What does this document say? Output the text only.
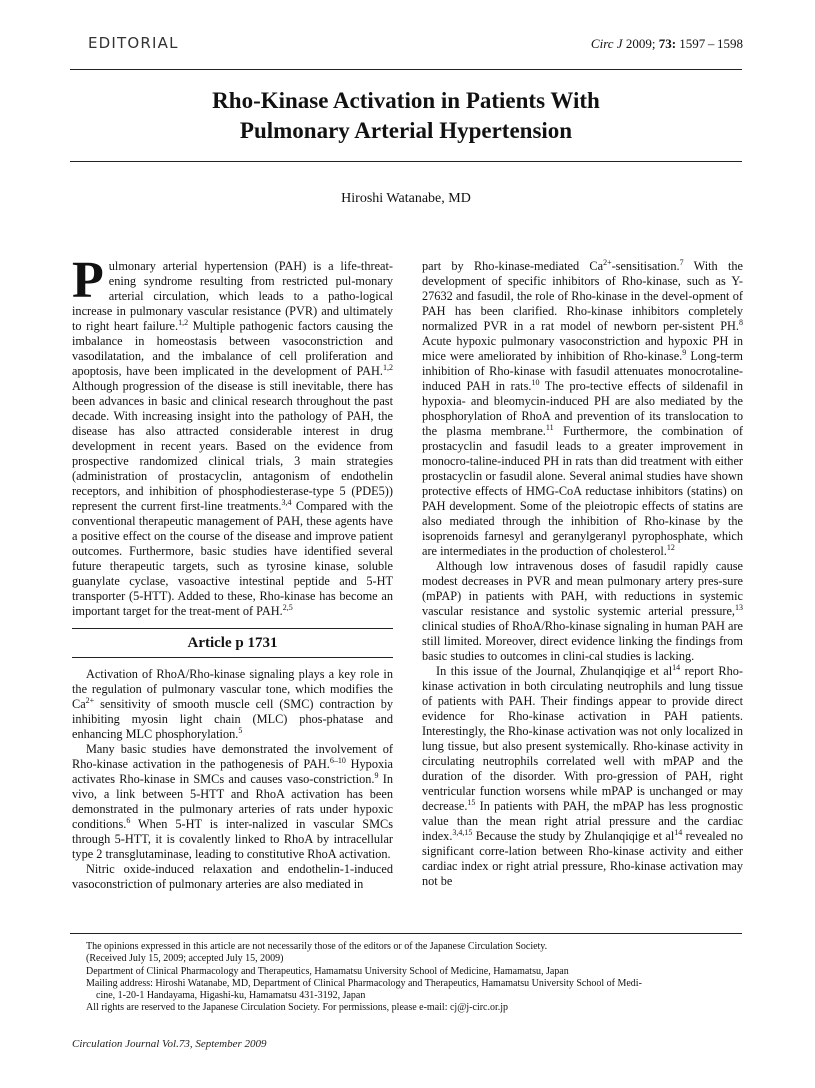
EDITORIAL	Circ J 2009; 73: 1597 – 1598
Rho-Kinase Activation in Patients With
Pulmonary Arterial Hypertension
Hiroshi Watanabe, MD

Pulmonary arterial hypertension (PAH) is a life-threat-ening syndrome resulting from restricted pul-monary arterial circulation, which leads to a patho-logical increase in pulmonary vascular resistance (PVR) and ultimately to right heart failure.$^{1,2}$ Multiple pathogenic factors causing the imbalance in homeostasis between vasoconstriction and vasodilatation, and the imbalance of cell proliferation and apoptosis, have been implicated in the development of PAH.$^{1,2}$ Although progression of the disease is still inevitable, there has been advances in basic and clinical research throughout the past decade. With increasing insight into the pathology of PAH, the disease has also attracted considerable interest in drug development in recent years. Based on the evidence from prospective randomized clinical trials, 3 main strategies (administration of prostacyclin, antagonism of endothelin receptors, and inhibition of phosphodiesterase-type 5 (PDE5)) represent the current first-line treatments.$^{3,4}$ Compared with the conventional therapeutic management of PAH, these agents have a positive effect on the course of the disease and improve patient outcomes. Furthermore, basic studies have identified several future therapeutic targets, such as tyrosine kinase, soluble guanylate cyclase, vasoactive intestinal peptide and 5-HT transporter (5-HTT). Added to these, Rho-kinase has become an important target for the treat-ment of PAH.$^{2,5}$

Article p 1731

Activation of RhoA/Rho-kinase signaling plays a key role in the regulation of pulmonary vascular tone, which modifies the $Ca^{2+}$ sensitivity of smooth muscle cell (SMC) contraction by inhibiting myosin light chain (MLC) phos-phatase and enhancing MLC phosphorylation.$^5$

Many basic studies have demonstrated the involvement of Rho-kinase activation in the pathogenesis of PAH.$^{6-10}$ Hypoxia activates Rho-kinase in SMCs and causes vaso-constriction.$^9$ In vivo, a link between 5-HTT and RhoA activation has been demonstrated in the pulmonary arteries of rats under hypoxic conditions.$^6$ When 5-HT is inter-nalized in vascular SMCs through 5-HTT, it is covalently linked to RhoA by intracellular type 2 transglutaminase, leading to constitutive RhoA activation.

Nitric oxide-induced relaxation and endothelin-1-induced vasoconstriction of pulmonary arteries are also mediated in

part by Rho-kinase-mediated $Ca^{2+}-sensitisation.^7$ With the development of specific inhibitors of Rho-kinase, such as Y-27632 and fasudil, the role of Rho-kinase in the devel-opment of PAH has been clarified. Rho-kinase inhibitors completely normalized PVR in a rat model of newborn per-sistent PH.$^8$ Acute hypoxic pulmonary vasoconstriction and hypoxic PH in mice were ameliorated by inhibition of Rho-kinase.$^9$ Long-term inhibition of Rho-kinase with fasudil attenuates monocrotaline-induced PAH in rats.$^{10}$ The pro-tective effects of sildenafil in hypoxia- and bleomycin-induced PH are also mediated by the phosphorylation of RhoA and prevention of its translocation to the plasma membrane.$^{11}$ Furthermore, the combination of prostacyclin and fasudil leads to a greater improvement in monocro-taline-induced PH in rats than did treatment with either prostacyclin or fasudil alone. Several animal studies have shown protective effects of HMG-CoA reductase inhibitors (statins) on PAH development. Some of the pleiotropic effects of statins are also mediated through the inhibition of Rho-kinase by the isoprenoids farnesyl and geranylgeranyl pyrophosphate, which are intermediates in the production of cholesterol.$^{12}$

Although low intravenous doses of fasudil rapidly cause modest decreases in PVR and mean pulmonary artery pres-sure (mPAP) in patients with PAH, with reductions in systemic vascular resistance and systolic systemic arterial pressure,$^{13}$ clinical studies of RhoA/Rho-kinase signaling in human PAH are still limited. Moreover, direct evidence linking the findings from basic studies to outcomes in clini-cal studies is lacking.

In this issue of the Journal, Zhulanqiqige et $al^{14}$ report Rho-kinase activation in both circulating neutrophils and lung tissue of patients with PAH. Their findings appear to provide direct evidence for Rho-kinase activation in PAH patients. Interestingly, the Rho-kinase activation was not only localized in lung tissue, but also present systemically. Rho-kinase activity in circulating neutrophils correlated well with mPAP and the duration of the disorder. With pro-gression of PAH, right ventricular function worsens while mPAP is unchanged or may decrease.$^{15}$ In patients with PAH, the mPAP has less prognostic value than the mean right atrial pressure and the cardiac index.$^{3,4,15}$ Because the study by Zhulanqiqige et $al^{14}$ revealed no significant corre-lation between Rho-kinase activity and either cardiac index or right atrial pressure, Rho-kinase activation may not be

The opinions expressed in this article are not necessarily those of the editors or of the Japanese Circulation Society.
(Received July 15, 2009; accepted July 15, 2009)
Department of Clinical Pharmacology and Therapeutics, Hamamatsu University School of Medicine, Hamamatsu, Japan
Mailing address: Hiroshi Watanabe, MD, Department of Clinical Pharmacology and Therapeutics, Hamamatsu University School of Medi-
cine, 1-20-1 Handayama, Higashi-ku, Hamamatsu 431-3192, Japan
All rights are reserved to the Japanese Circulation Society. For permissions, please e-mail: cj@j-circ.or.jp
Circulation Journal Vol.73, September 2009
